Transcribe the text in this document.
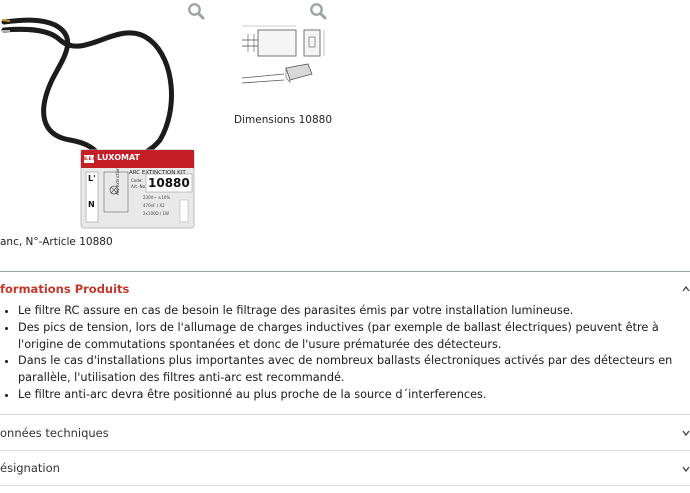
B.E.G LUXOMAT
ARC EXTINCTION KIT
Code:
Art.-No. 10880
230V~ ±10%
470nF / X2
2x100Ω / 1W
L'
N
Arc extinction
anc, N°-Article 10880
Dimensions 10880
formations Produits
• Le filtre RC assure en cas de besoin le filtrage des parasites émis par votre installation lumineuse.
• Des pics de tension, lors de l'allumage de charges inductives (par exemple de ballast électriques) peuvent être à l'origine de commutations spontanées et donc de l'usure prématurée des détecteurs.
• Dans le cas d'installations plus importantes avec de nombreux ballasts électroniques activés par des détecteurs en parallèle, l'utilisation des filtres anti-arc est recommandé.
• Le filtre anti-arc devra être positionné au plus proche de la source d´interferences.
onnées techniques
ésignation
